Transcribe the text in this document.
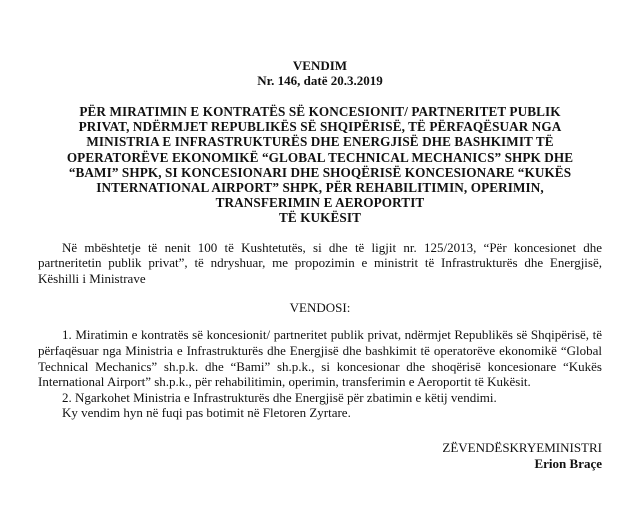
VENDIM
Nr. 146, datë 20.3.2019
PËR MIRATIMIN E KONTRATËS SË KONCESIONIT/ PARTNERITET PUBLIK
PRIVAT, NDËRMJET REPUBLIKËS SË SHQIPËRISË, TË PËRFAQËSUAR NGA
MINISTRIA E INFRASTRUKTURËS DHE ENERGJISË DHE BASHKIMIT TË
OPERATORËVE EKONOMIKË “GLOBAL TECHNICAL MECHANICS” SHPK DHE
“BAMI” SHPK, SI KONCESIONARI DHE SHOQËRISË KONCESIONARE “KUKËS
INTERNATIONAL AIRPORT” SHPK, PËR REHABILITIMIN, OPERIMIN,
TRANSFERIMIN E AEROPORTIT
TË KUKËSIT

Në mbështetje të nenit 100 të Kushtetutës, si dhe të ligjit nr. 125/2013, “Për koncesionet dhe partneritetin publik privat”, të ndryshuar, me propozimin e ministrit të Infrastrukturës dhe Energjisë, Këshilli i Ministrave

VENDOSI:

1. Miratimin e kontratës së koncesionit/ partneritet publik privat, ndërmjet Republikës së Shqipërisë, të përfaqësuar nga Ministria e Infrastrukturës dhe Energjisë dhe bashkimit të operatorëve ekonomikë “Global Technical Mechanics” sh.p.k. dhe “Bami” sh.p.k., si koncesionar dhe shoqërisë koncesionare “Kukës International Airport” sh.p.k., për rehabilitimin, operimin, transferimin e Aeroportit të Kukësit.

2. Ngarkohet Ministria e Infrastrukturës dhe Energjisë për zbatimin e këtij vendimi.

Ky vendim hyn në fuqi pas botimit në Fletoren Zyrtare.

ZËVENDËSKRYEMINISTRI
Erion Braçe
